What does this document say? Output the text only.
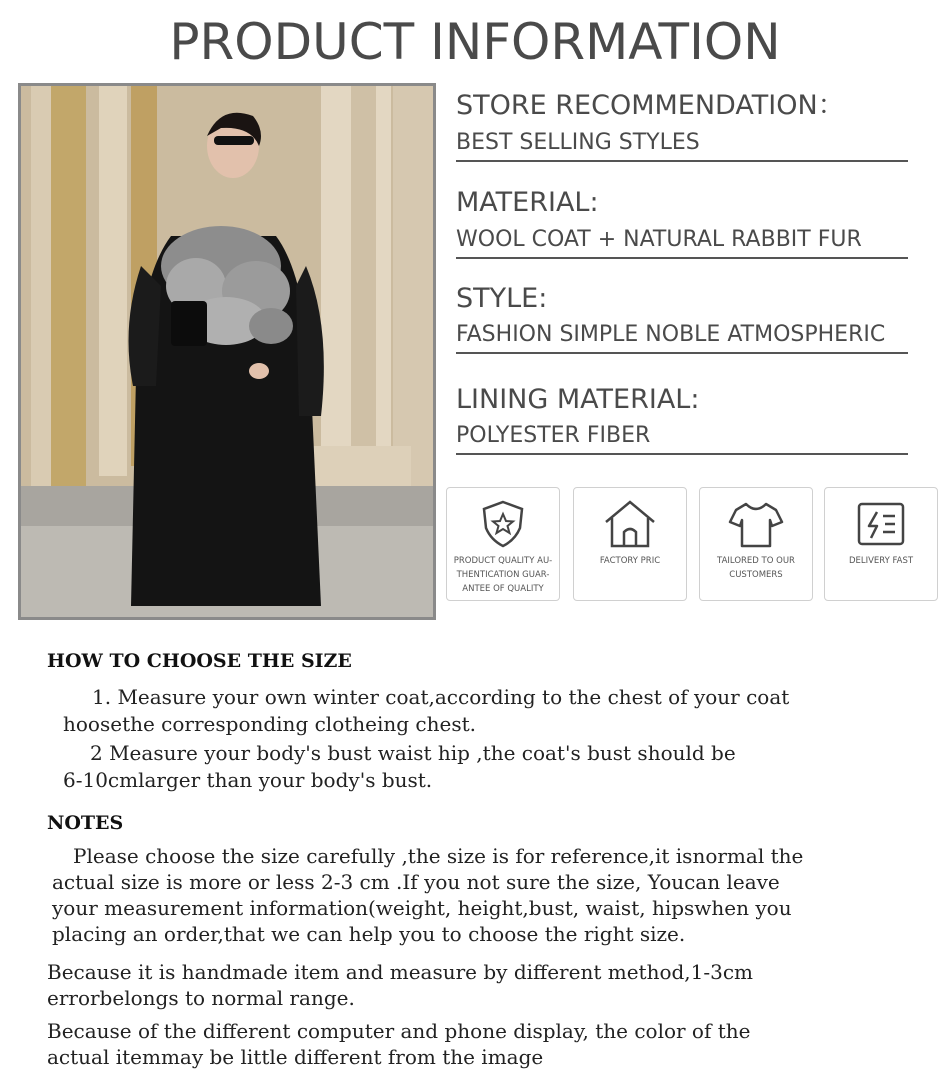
PRODUCT INFORMATION
STORE RECOMMENDATION：
BEST SELLING STYLES
MATERIAL:
WOOL COAT + NATURAL RABBIT FUR
STYLE:
FASHION SIMPLE NOBLE ATMOSPHERIC
LINING MATERIAL:
POLYESTER FIBER
PRODUCT QUALITY AU-THENTICATION GUAR-ANTEE OF QUALITY
FACTORY PRIC	TAILORED TO OUR CUSTOMERS
DELIVERY FAST
HOW TO CHOOSE THE SIZE
1. Measure your own winter coat,according to the chest of your coat
hoosethe corresponding clotheing chest.
2 Measure your body's bust waist hip ,the coat's bust should be
6-10cmlarger than your body's bust.
NOTES
Please choose the size carefully ,the size is for reference,it isnormal the
actual size is more or less 2-3 cm .If you not sure the size, Youcan leave
your measurement information(weight, height,bust, waist, hipswhen you
placing an order,that we can help you to choose the right size.
Because it is handmade item and measure by different method,1-3cm
errorbelongs to normal range.
Because of the different computer and phone display, the color of the
actual itemmay be little different from the image
